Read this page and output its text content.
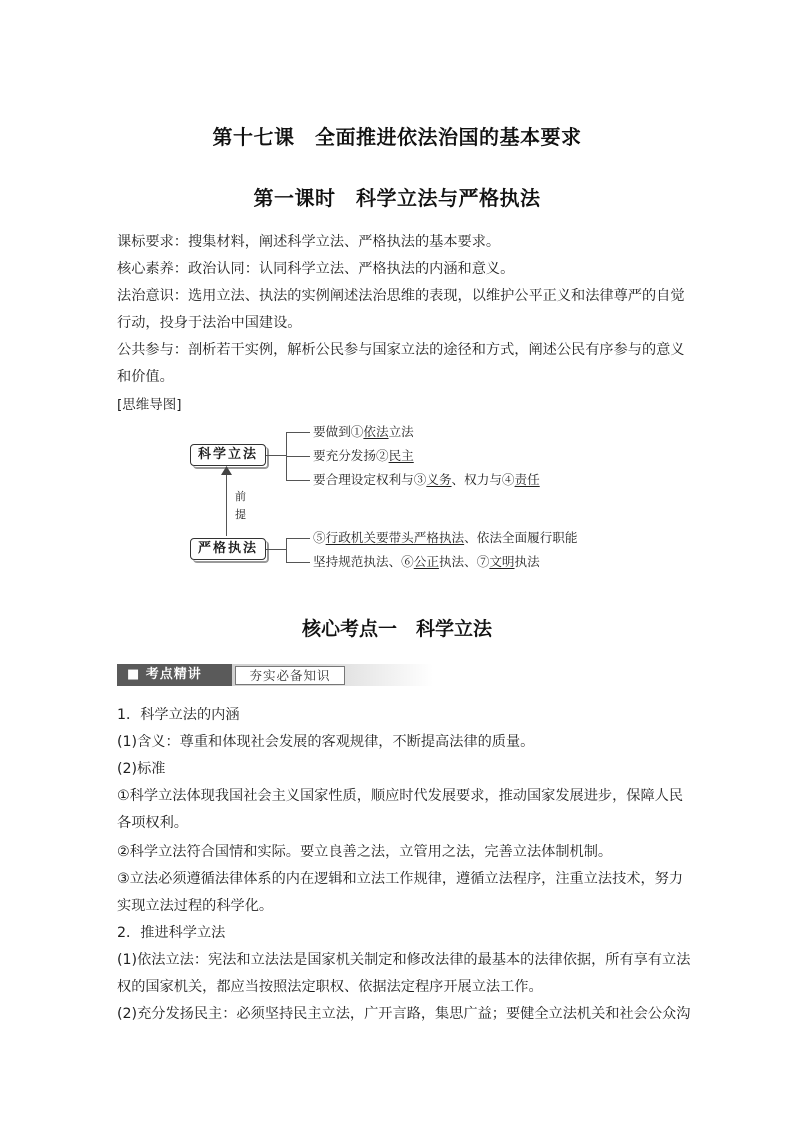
第十七课　全面推进依法治国的基本要求
第一课时　科学立法与严格执法
课标要求：搜集材料，阐述科学立法、严格执法的基本要求。
核心素养：政治认同：认同科学立法、严格执法的内涵和意义。
法治意识：选用立法、执法的实例阐述法治思维的表现，以维护公平正义和法律尊严的自觉
行动，投身于法治中国建设。
公共参与：剖析若干实例，解析公民参与国家立法的途径和方式，阐述公民有序参与的意义
和价值。
[思维导图]
科学立法
严格执法
前提
要做到①依法立法
要充分发扬②民主
要合理设定权利与③义务、权力与④责任
⑤行政机关要带头严格执法、依法全面履行职能
坚持规范执法、⑥公正执法、⑦文明执法
核心考点一　科学立法
■ 考点精讲	夯实必备知识
1．科学立法的内涵
(1)含义：尊重和体现社会发展的客观规律，不断提高法律的质量。
(2)标准
①科学立法体现我国社会主义国家性质，顺应时代发展要求，推动国家发展进步，保障人民
各项权利。
②科学立法符合国情和实际。要立良善之法，立管用之法，完善立法体制机制。
③立法必须遵循法律体系的内在逻辑和立法工作规律，遵循立法程序，注重立法技术，努力
实现立法过程的科学化。
2．推进科学立法
(1)依法立法：宪法和立法法是国家机关制定和修改法律的最基本的法律依据，所有享有立法
权的国家机关，都应当按照法定职权、依据法定程序开展立法工作。
(2)充分发扬民主：必须坚持民主立法，广开言路，集思广益；要健全立法机关和社会公众沟
